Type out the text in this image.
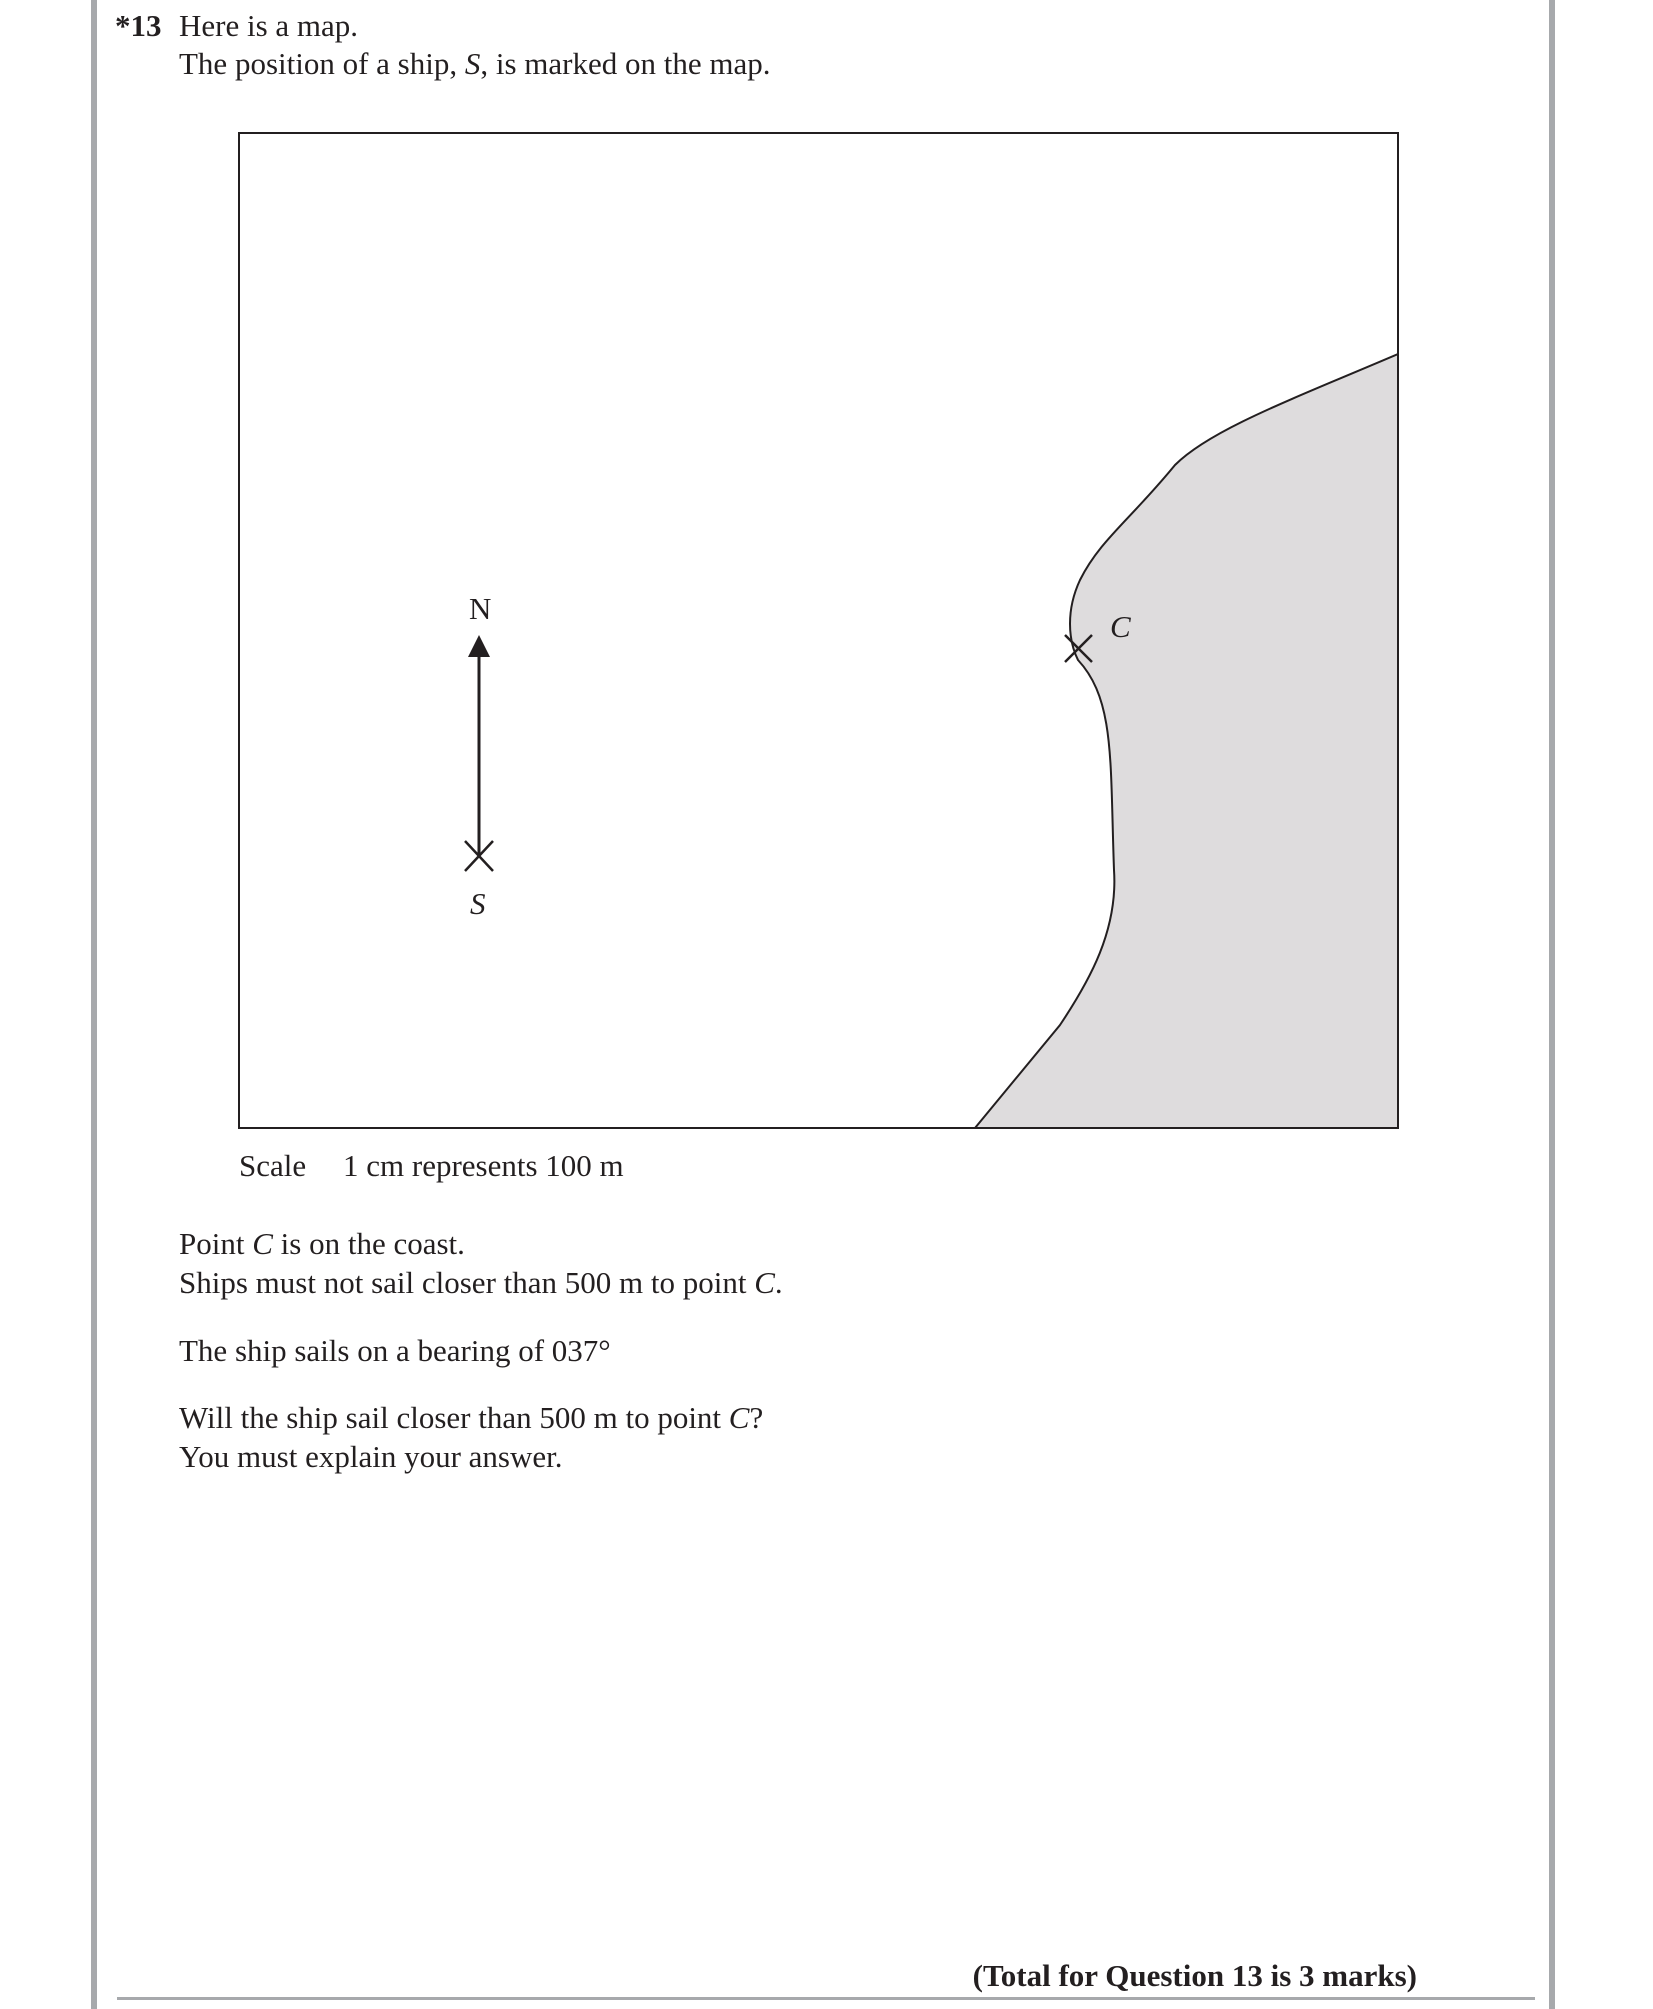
*13 Here is a map.
The position of a ship, S, is marked on the map.
N
S
C
Scale 1 cm represents 100 m
Point C is on the coast.
Ships must not sail closer than 500 m to point C.
The ship sails on a bearing of 037°
Will the ship sail closer than 500 m to point C?
You must explain your answer.
(Total for Question 13 is 3 marks)
